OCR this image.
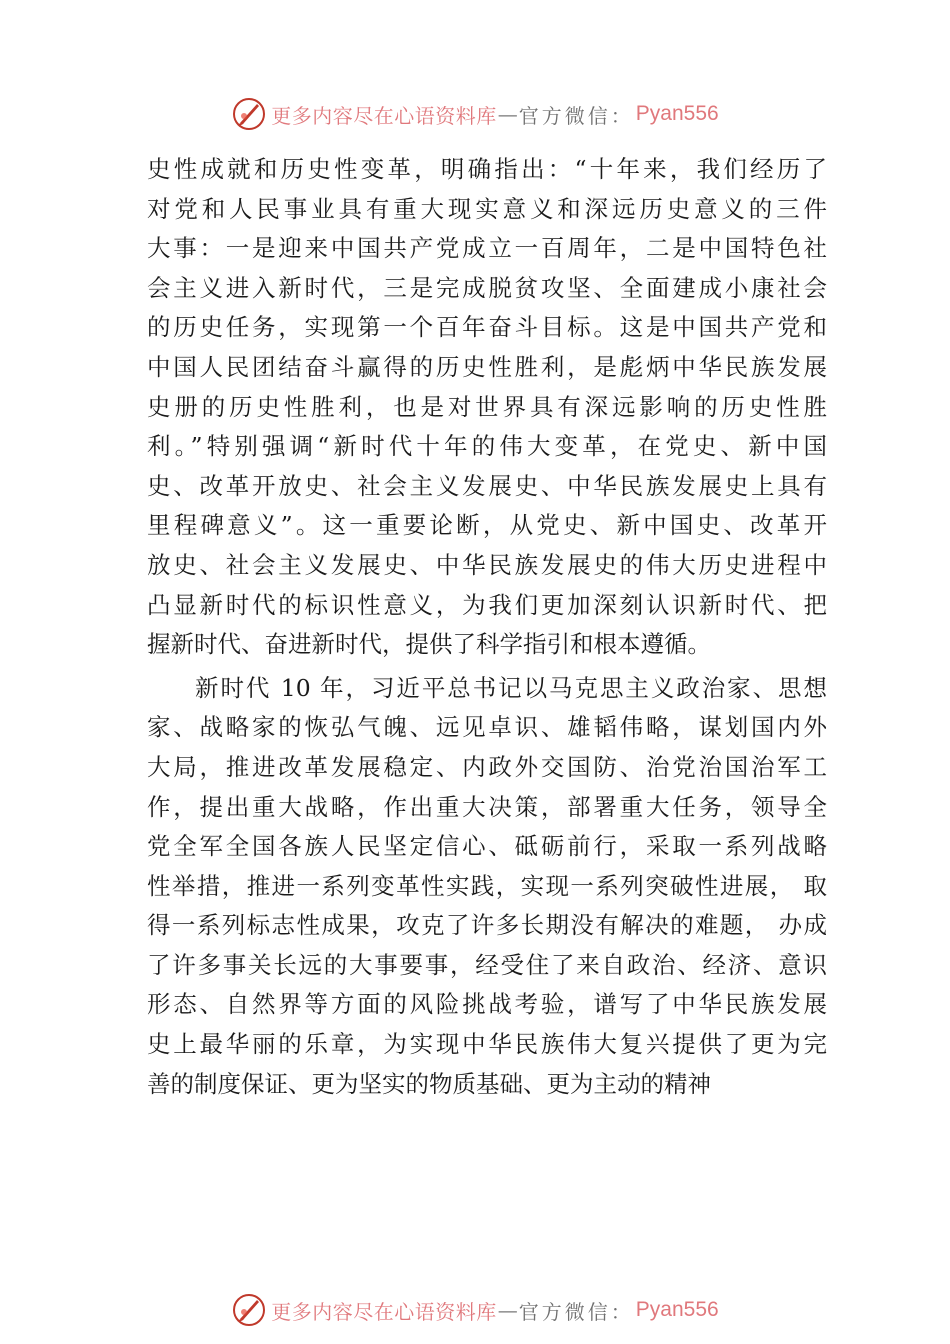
更多内容尽在心语资料库 — 官方微信： Pyan556
史性成就和历史性变革，明确指出：“十年来，我们经历了
对党和人民事业具有重大现实意义和深远历史意义的三件
大事：一是迎来中国共产党成立一百周年，二是中国特色社
会主义进入新时代，三是完成脱贫攻坚、全面建成小康社会
的历史任务，实现第一个百年奋斗目标。这是中国共产党和
中国人民团结奋斗赢得的历史性胜利，是彪炳中华民族发展
史册的历史性胜利，也是对世界具有深远影响的历史性胜
利。”特别强调“新时代十年的伟大变革，在党史、新中国
史、改革开放史、社会主义发展史、中华民族发展史上具有
里程碑意义”。这一重要论断，从党史、新中国史、改革开
放史、社会主义发展史、中华民族发展史的伟大历史进程中
凸显新时代的标识性意义，为我们更加深刻认识新时代、把
握新时代、奋进新时代，提供了科学指引和根本遵循。
新时代 10 年，习近平总书记以马克思主义政治家、思想
家、战略家的恢弘气魄、远见卓识、雄韬伟略，谋划国内外
大局，推进改革发展稳定、内政外交国防、治党治国治军工
作，提出重大战略，作出重大决策，部署重大任务，领导全
党全军全国各族人民坚定信心、砥砺前行，采取一系列战略
性举措，推进一系列变革性实践，实现一系列突破性进展， 取
得一系列标志性成果，攻克了许多长期没有解决的难题， 办成
了许多事关长远的大事要事，经受住了来自政治、经济、意识
形态、自然界等方面的风险挑战考验，谱写了中华民族发展
史上最华丽的乐章，为实现中华民族伟大复兴提供了更为完
善的制度保证、更为坚实的物质基础、更为主动的精神
更多内容尽在心语资料库 — 官方微信： Pyan556
